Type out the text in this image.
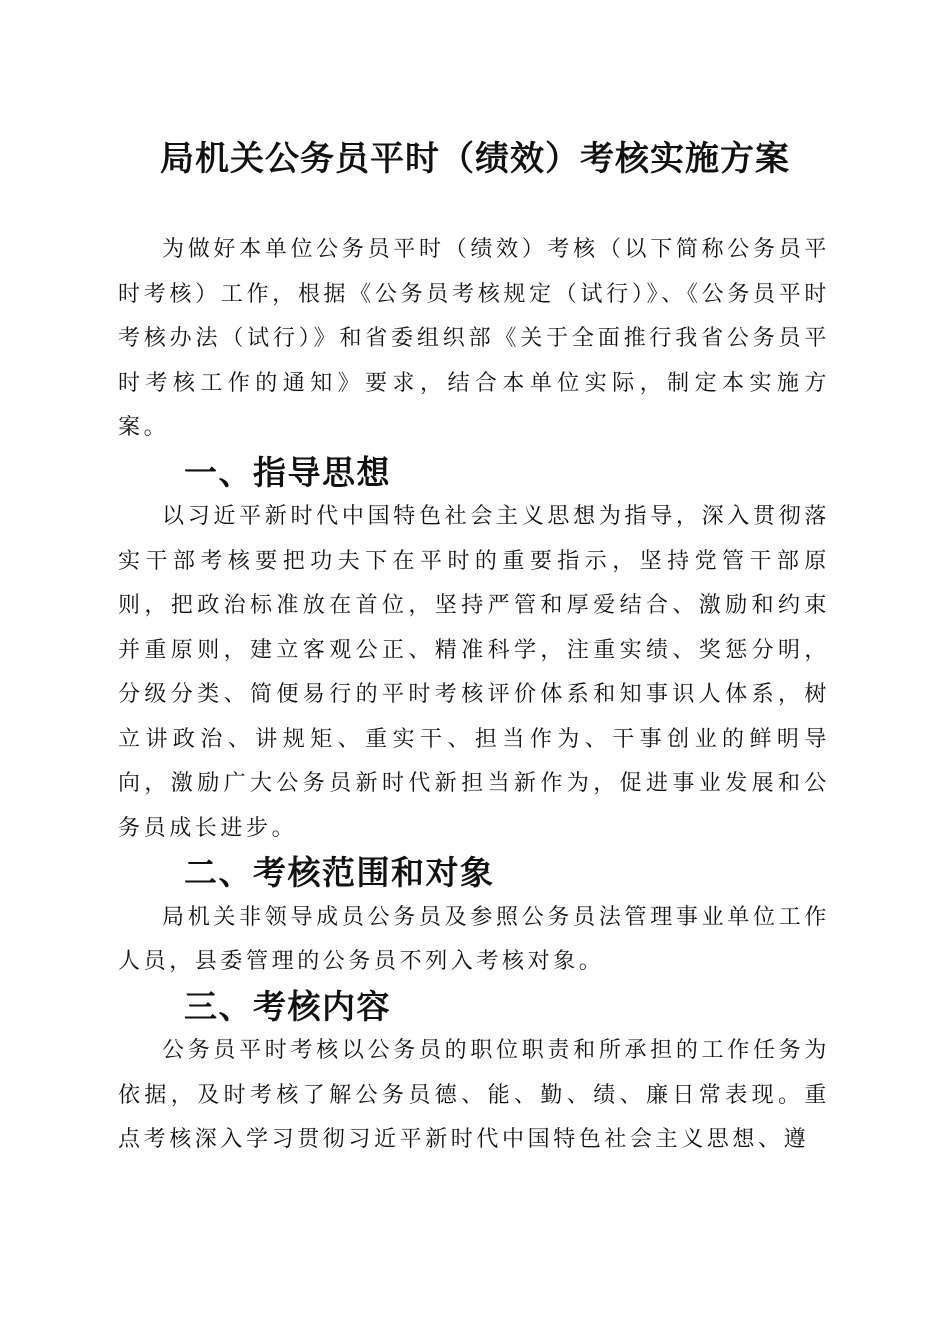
局机关公务员平时（绩效）考核实施方案

为做好本单位公务员平时（绩效）考核（以下简称公务员平时考核）工作，根据《公务员考核规定（试行）》、《公务员平时考核办法（试行）》和省委组织部《关于全面推行我省公务员平时考核工作的通知》要求，结合本单位实际，制定本实施方案。

一、指导思想

以习近平新时代中国特色社会主义思想为指导，深入贯彻落实干部考核要把功夫下在平时的重要指示，坚持党管干部原则，把政治标准放在首位，坚持严管和厚爱结合、激励和约束并重原则，建立客观公正、精准科学，注重实绩、奖惩分明，分级分类、简便易行的平时考核评价体系和知事识人体系，树立讲政治、讲规矩、重实干、担当作为、干事创业的鲜明导向，激励广大公务员新时代新担当新作为，促进事业发展和公务员成长进步。

二、考核范围和对象

局机关非领导成员公务员及参照公务员法管理事业单位工作人员，县委管理的公务员不列入考核对象。

三、考核内容

公务员平时考核以公务员的职位职责和所承担的工作任务为依据，及时考核了解公务员德、能、勤、绩、廉日常表现。重点考核深入学习贯彻习近平新时代中国特色社会主义思想、遵
